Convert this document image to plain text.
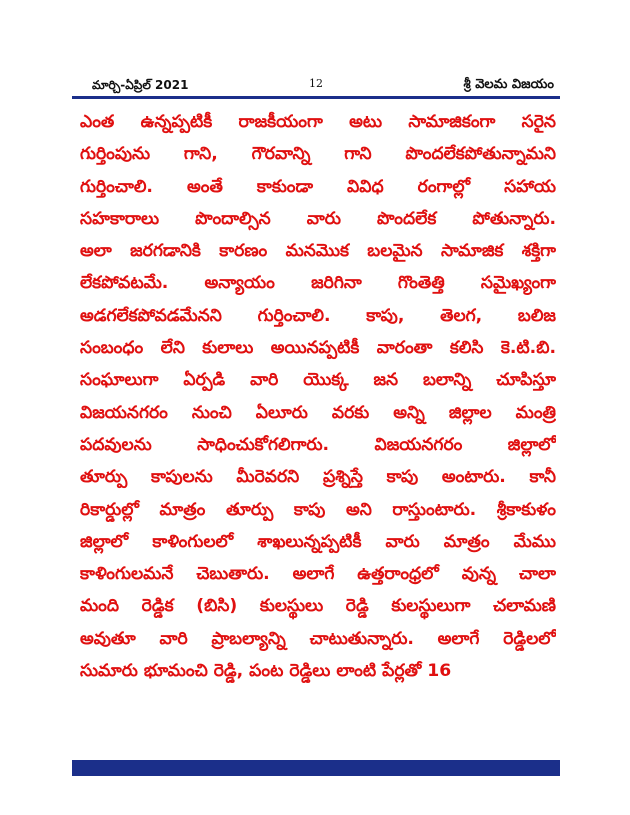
మార్చి-ఏప్రిల్ 2021	12	శ్రీ వెలమ విజయం
ఎంత ఉన్నప్పటికీ రాజకీయంగా అటు సామాజికంగా సరైన
గుర్తింపును గాని, గౌరవాన్ని గాని పొందలేకపోతున్నామని
గుర్తించాలి. అంతే కాకుండా వివిధ రంగాల్లో సహాయ
సహకారాలు పొందాల్సిన వారు పొందలేక పోతున్నారు.
అలా జరగడానికి కారణం మనమొక బలమైన సామాజిక శక్తిగా
లేకపోవటమే. అన్యాయం జరిగినా గొంతెత్తి సమైఖ్యంగా
అడగలేకపోవడమేనని గుర్తించాలి. కాపు, తెలగ, బలిజ
సంబంధం లేని కులాలు అయినప్పటికీ వారంతా కలిసి కె.టి.బి.
సంఘాలుగా ఏర్పడి వారి యొక్క జన బలాన్ని చూపిస్తూ
విజయనగరం నుంచి ఏలూరు వరకు అన్ని జిల్లాల మంత్రి
పదవులను సాధించుకోగలిగారు. విజయనగరం జిల్లాలో
తూర్పు కాపులను మీరెవరని ప్రశ్నిస్తే కాపు అంటారు. కానీ
రికార్డుల్లో మాత్రం తూర్పు కాపు అని రాస్తుంటారు. శ్రీకాకుళం
జిల్లాలో కాళింగులలో శాఖలున్నప్పటికీ వారు మాత్రం మేము
కాళింగులమనే చెబుతారు. అలాగే ఉత్తరాంధ్రలో వున్న చాలా
మంది రెడ్డిక (బిసి) కులస్థులు రెడ్డి కులస్థులుగా చలామణి
అవుతూ వారి ప్రాబల్యాన్ని చాటుతున్నారు. అలాగే రెడ్డిలలో
సుమారు భూమంచి రెడ్డి, పంట రెడ్డిలు లాంటి పేర్లతో 16
